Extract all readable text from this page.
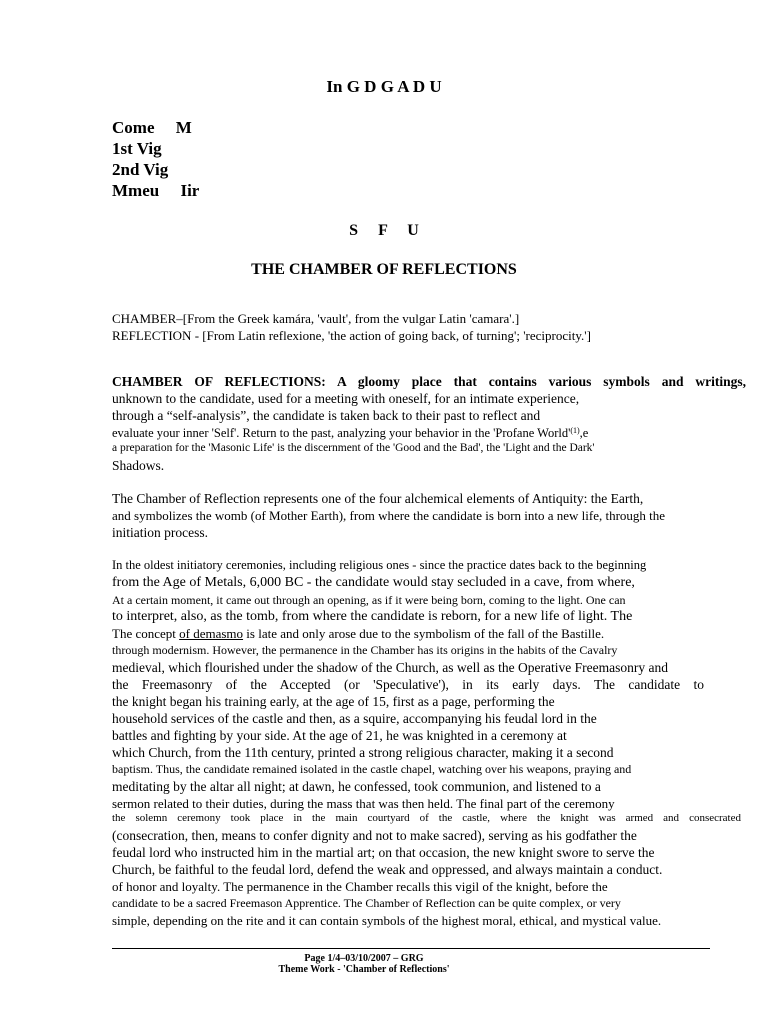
In G D G A D U
Come     M
1st Vig
2nd Vig
Mmeu     Iir
S     F     U
THE CHAMBER OF REFLECTIONS
CHAMBER–[From the Greek kamára, 'vault', from the vulgar Latin 'camara'.]
REFLECTION - [From Latin reflexione, 'the action of going back, of turning'; 'reciprocity.']
CHAMBER OF REFLECTIONS: A gloomy place that contains various symbols and writings,
unknown to the candidate, used for a meeting with oneself, for an intimate experience,
through a “self-analysis”, the candidate is taken back to their past to reflect and
evaluate your inner 'Self'. Return to the past, analyzing your behavior in the 'Profane $World'^{(1)},e$
a preparation for the 'Masonic Life' is the discernment of the 'Good and the Bad', the 'Light and the Dark'
Shadows.
The Chamber of Reflection represents one of the four alchemical elements of Antiquity: the Earth,
and symbolizes the womb (of Mother Earth), from where the candidate is born into a new life, through the
initiation process.
In the oldest initiatory ceremonies, including religious ones - since the practice dates back to the beginning
from the Age of Metals, 6,000 BC - the candidate would stay secluded in a cave, from where,
At a certain moment, it came out through an opening, as if it were being born, coming to the light. One can
to interpret, also, as the tomb, from where the candidate is reborn, for a new life of light. The
The concept of demasmo is late and only arose due to the symbolism of the fall of the Bastille.
through modernism. However, the permanence in the Chamber has its origins in the habits of the Cavalry
medieval, which flourished under the shadow of the Church, as well as the Operative Freemasonry and
the Freemasonry of the Accepted (or 'Speculative'), in its early days. The candidate to
the knight began his training early, at the age of 15, first as a page, performing the
household services of the castle and then, as a squire, accompanying his feudal lord in the
battles and fighting by your side. At the age of 21, he was knighted in a ceremony at
which Church, from the 11th century, printed a strong religious character, making it a second
baptism. Thus, the candidate remained isolated in the castle chapel, watching over his weapons, praying and
meditating by the altar all night; at dawn, he confessed, took communion, and listened to a
sermon related to their duties, during the mass that was then held. The final part of the ceremony
the solemn ceremony took place in the main courtyard of the castle, where the knight was armed and consecrated
(consecration, then, means to confer dignity and not to make sacred), serving as his godfather the
feudal lord who instructed him in the martial art; on that occasion, the new knight swore to serve the
Church, be faithful to the feudal lord, defend the weak and oppressed, and always maintain a conduct.
of honor and loyalty. The permanence in the Chamber recalls this vigil of the knight, before the
candidate to be a sacred Freemason Apprentice. The Chamber of Reflection can be quite complex, or very
simple, depending on the rite and it can contain symbols of the highest moral, ethical, and mystical value.
Page 1/4–03/10/2007 – GRG
Theme Work - 'Chamber of Reflections'
